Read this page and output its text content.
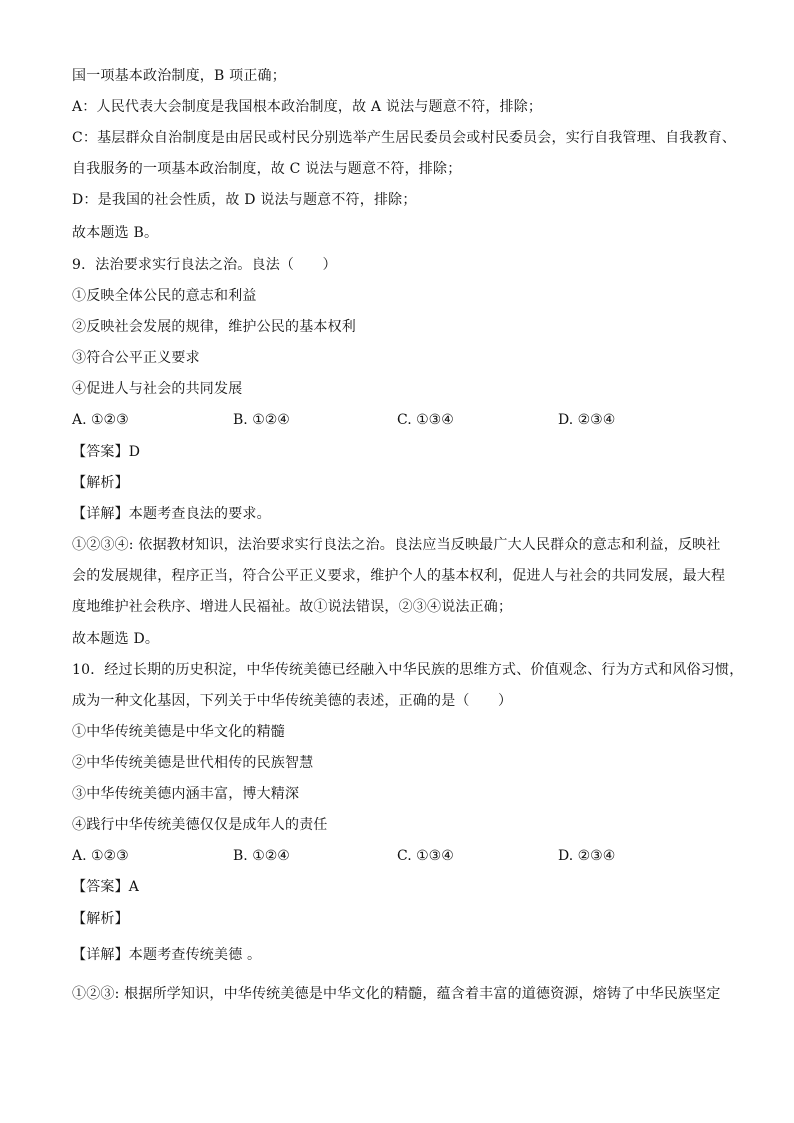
国一项基本政治制度，B 项正确；
A：人民代表大会制度是我国根本政治制度，故 A 说法与题意不符，排除；
C：基层群众自治制度是由居民或村民分别选举产生居民委员会或村民委员会，实行自我管理、自我教育、
自我服务的一项基本政治制度，故 C 说法与题意不符，排除；
D：是我国的社会性质，故 D 说法与题意不符，排除；
故本题选 B。
9．法治要求实行良法之治。良法（　　）
①反映全体公民的意志和利益
②反映社会发展的规律，维护公民的基本权利
③符合公平正义要求
④促进人与社会的共同发展
A. ①②③	B. ①②④	C. ①③④	D. ②③④
【答案】D
【解析】
【详解】本题考查良法的要求。
①②③④: 依据教材知识，法治要求实行良法之治。良法应当反映最广大人民群众的意志和利益，反映社
会的发展规律，程序正当，符合公平正义要求，维护个人的基本权利，促进人与社会的共同发展，最大程
度地维护社会秩序、增进人民福祉。故①说法错误，②③④说法正确；
故本题选 D。
10．经过长期的历史积淀，中华传统美德已经融入中华民族的思维方式、价值观念、行为方式和风俗习惯，
成为一种文化基因，下列关于中华传统美德的表述，正确的是（　　）
①中华传统美德是中华文化的精髓
②中华传统美德是世代相传的民族智慧
③中华传统美德内涵丰富，博大精深
④践行中华传统美德仅仅是成年人的责任
A. ①②③	B. ①②④	C. ①③④	D. ②③④
【答案】A
【解析】
【详解】本题考查传统美德 。
①②③: 根据所学知识，中华传统美德是中华文化的精髓，蕴含着丰富的道德资源，熔铸了中华民族坚定
